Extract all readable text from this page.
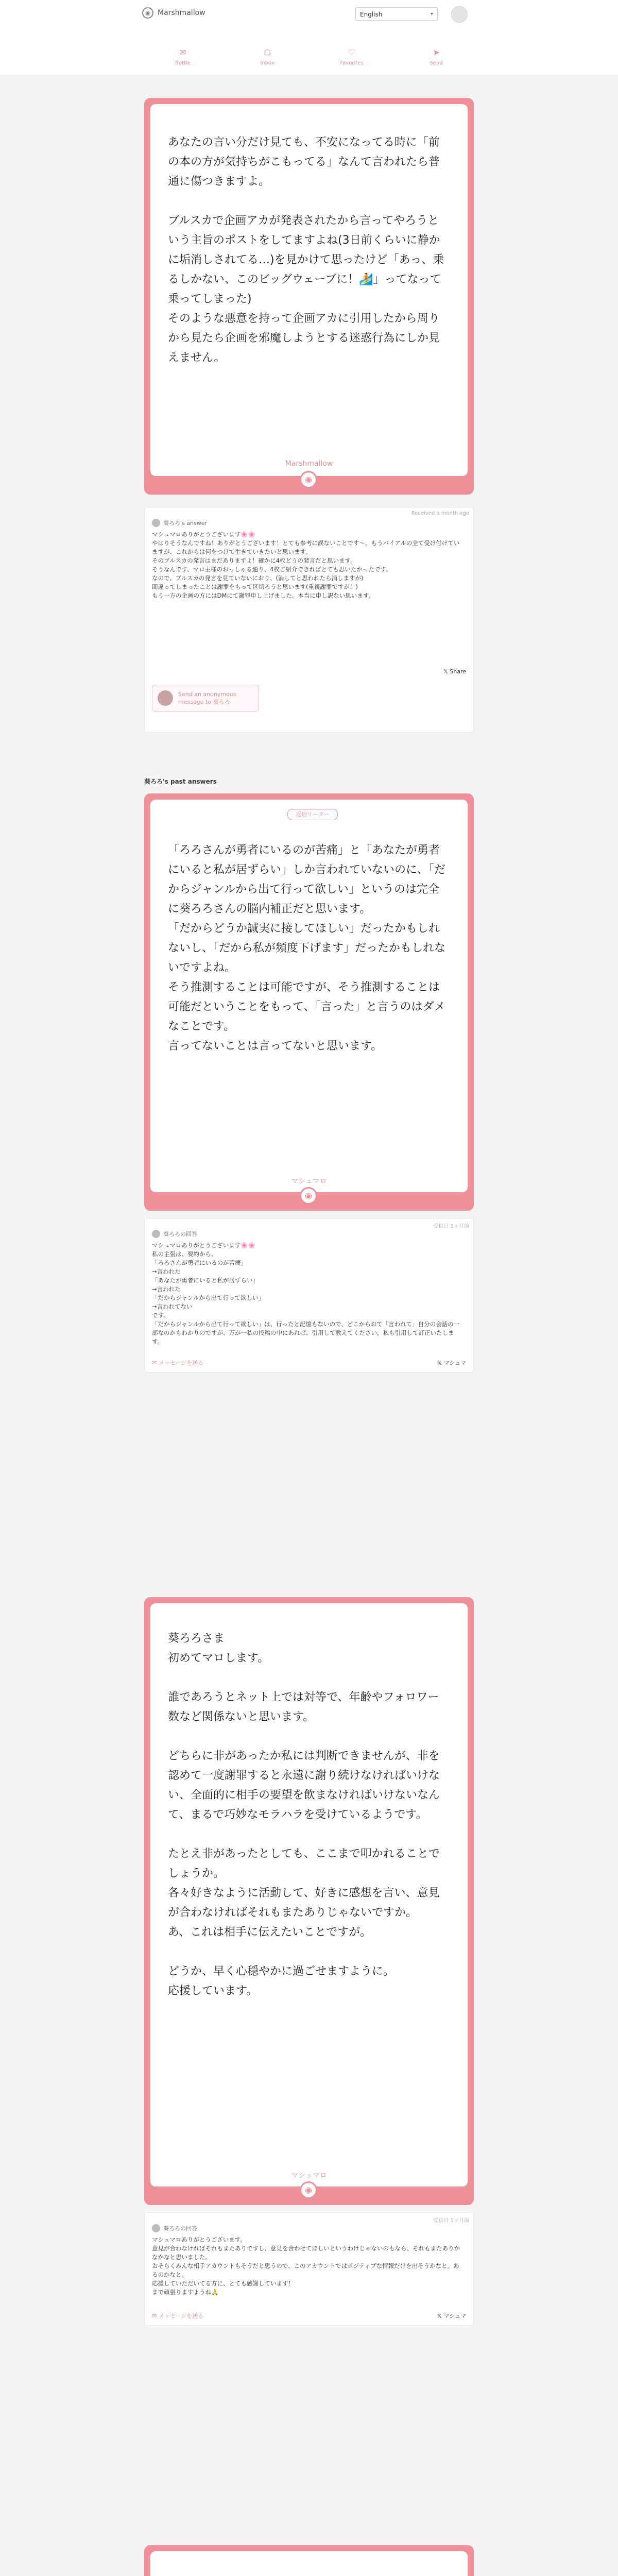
◉ Marshmallow	English	▾
✉
Bottle
☖
Inbox
♡
Favorites
➤
Send
あなたの言い分だけ見ても、不安になってる時に「前の本の方が気持ちがこもってる」なんて言われたら普通に傷つきますよ。

ブルスカで企画アカが発表されたから言ってやろうという主旨のポストをしてますよね(3日前くらいに静かに垢消しされてる…)を見かけて思ったけど「あっ、乗るしかない、このビッグウェーブに！🏄」ってなって乗ってしまった)
そのような悪意を持って企画アカに引用したから周りから見たら企画を邪魔しようとする迷惑行為にしか見えません。
Marshmallow
◉
Received a month ago
葵ろろ's answer
マシュマロありがとうございます🌸🌸
やはりそうなんですね！ありがとうございます！とても参考に誤ないことです〜。もうバイアルの全て受け付けていますが、これからは何をつけて生きていきたいと思います。
そのブルスカの発言はまだありますよ！確かに4枚どうの発言だと思います。
そうなんです、マロ主様のおっしゃる通り、4枚ご紹介できればとても思いたかったです。
なので、ブルスカの発言を見ていないにおり、(消してと思われたら消しますが)
間違ってしまったことは謝罪をもって区切ろうと思います(重複謝罪ですが！)
もう一方の企画の方にはDMにて謝罪申し上げました。本当に申し訳ない思います。
𝕏 Share
Send an anonymous message to 葵ろろ
葵ろろ's past answers
返信リーダー
「ろろさんが勇者にいるのが苦痛」と「あなたが勇者にいると私が居ずらい」しか言われていないのに、「だからジャンルから出て行って欲しい」というのは完全に葵ろろさんの脳内補正だと思います。
「だからどうか誠実に接してほしい」だったかもしれないし、「だから私が頻度下げます」だったかもしれないですよね。
そう推測することは可能ですが、そう推測することは可能だということをもって、「言った」と言うのはダメなことです。
言ってないことは言ってないと思います。
マシュマロ
◉
受信日 1ヶ月前
葵ろろの回答
マシュマロありがとうございます🌸🌸
私の主張は、要約から、
「ろろさんが勇者にいるのが苦痛」
→言われた
「あなたが勇者にいると私が居ずらい」
→言われた
「だからジャンルから出て行って欲しい」
→言われてない
です。
「だからジャンルから出て行って欲しい」は、行ったと記憶もないので、どこからおて「言われて」自分の会話の一部なのかもわかりのですが、万が一私の投稿の中にあれば、引用して教えてください。私も引用して訂正いたします。
✉ メッセージを送る	𝕏 マシュマ
葵ろろさま
初めてマロします。

誰であろうとネット上では対等で、年齢やフォロワー数など関係ないと思います。

どちらに非があったか私には判断できませんが、非を認めて一度謝罪すると永遠に謝り続けなければいけない、全面的に相手の要望を飲まなければいけないなんて、まるで巧妙なモラハラを受けているようです。

たとえ非があったとしても、ここまで叩かれることでしょうか。
各々好きなように活動して、好きに感想を言い、意見が合わなければそれもまたありじゃないですか。
あ、これは相手に伝えたいことですが。

どうか、早く心穏やかに過ごせますように。
応援しています。
マシュマロ
◉
受信日 1ヶ月前
葵ろろの回答
マシュマロありがとうございます。
意見が合わなければそれもまたありですし、意見を合わせてほしいというわけじゃないのもなら、それもまたありかなかなと思いました。
おそらくみんな相手アカウントもそうだと思うので、このアカウントではポジティブな情報だけを出そうかなと。あるのかなと。
応援していただいてる方に、とても感謝しています！
まで頑張りますようね🙏
✉ メッセージを送る	𝕏 マシュマ
